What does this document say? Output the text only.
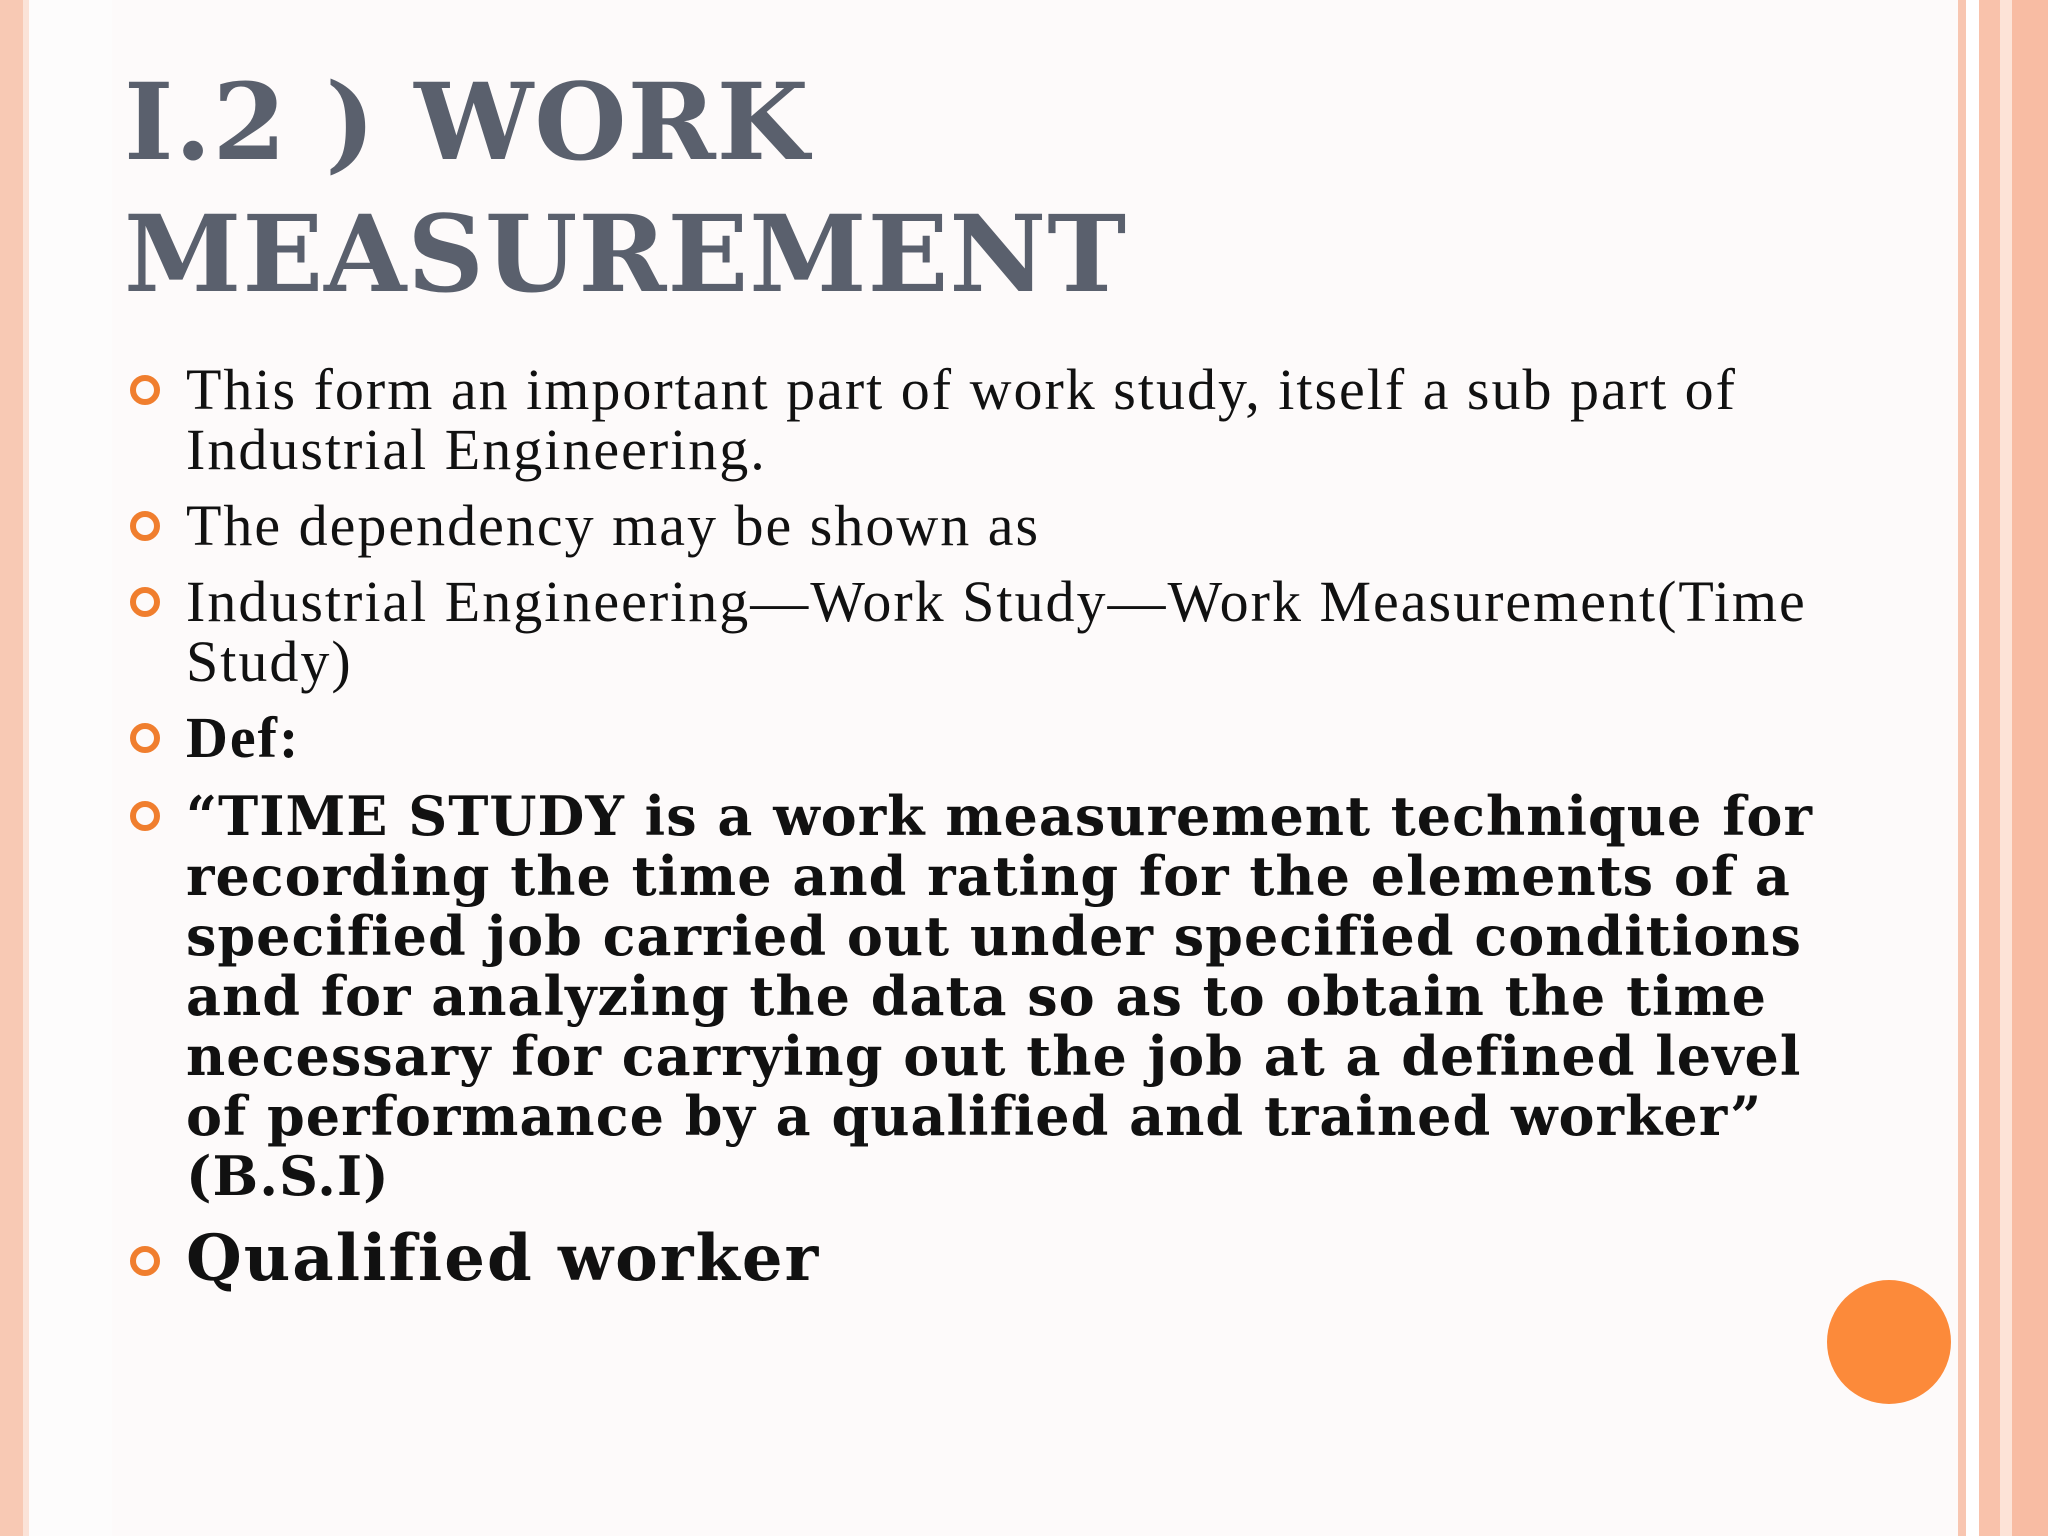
I.2 ) WORK
MEASUREMENT
This form an important part of work study, itself a sub part of Industrial Engineering.
The dependency may be shown as
Industrial Engineering—Work Study—Work Measurement(Time Study)
Def:
“TIME STUDY is a work measurement technique for recording the time and rating for the elements of a specified job carried out under specified conditions and for analyzing the data so as to obtain the time necessary for carrying out the job at a defined level of performance by a qualified and trained worker” (B.S.I)
Qualified worker
